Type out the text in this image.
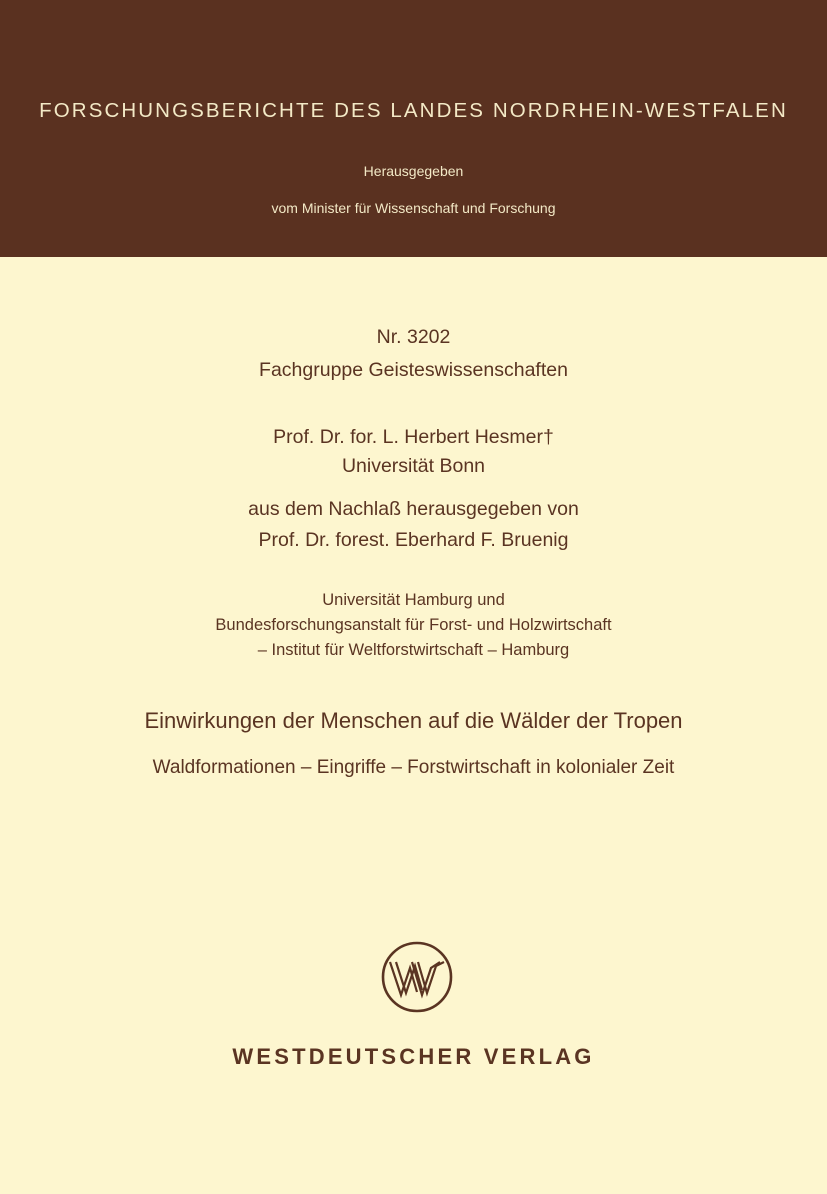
FORSCHUNGSBERICHTE DES LANDES NORDRHEIN-WESTFALEN
Herausgegeben
vom Minister für Wissenschaft und Forschung
Nr. 3202
Fachgruppe Geisteswissenschaften
Prof. Dr. for. L. Herbert Hesmer†
Universität Bonn
aus dem Nachlaß herausgegeben von
Prof. Dr. forest. Eberhard F. Bruenig
Universität Hamburg und
Bundesforschungsanstalt für Forst- und Holzwirtschaft
– Institut für Weltforstwirtschaft – Hamburg
Einwirkungen der Menschen auf die Wälder der Tropen
Waldformationen – Eingriffe – Forstwirtschaft in kolonialer Zeit
WESTDEUTSCHER VERLAG
